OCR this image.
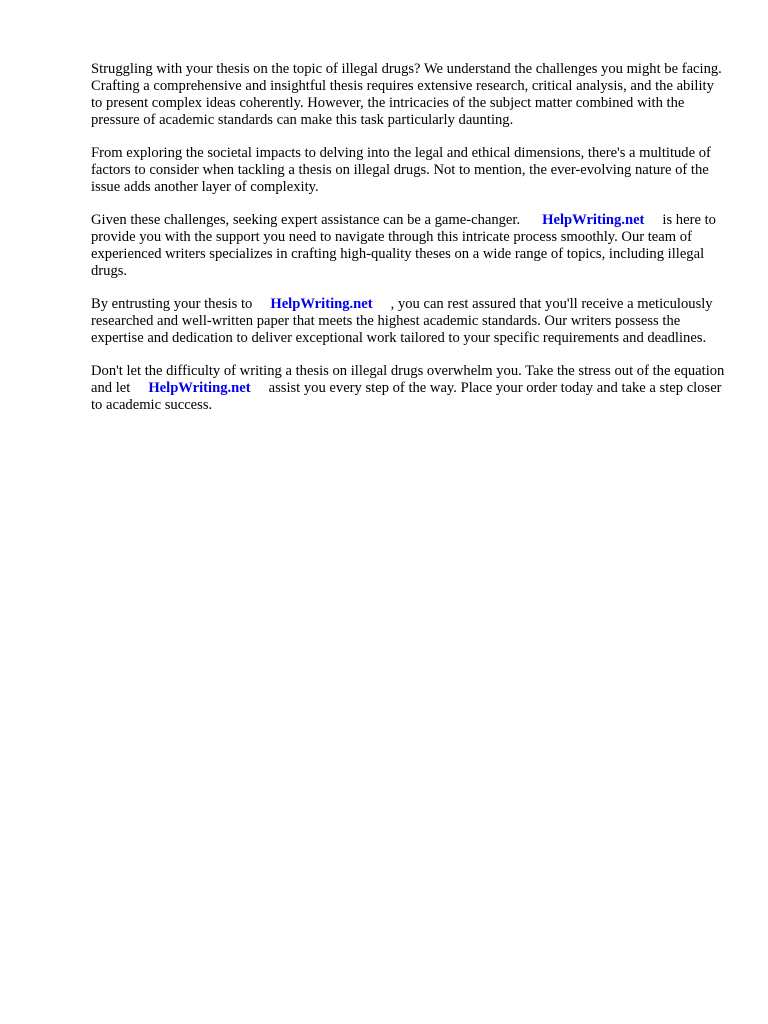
Struggling with your thesis on the topic of illegal drugs? We understand the challenges you might be facing. Crafting a comprehensive and insightful thesis requires extensive research, critical analysis, and the ability to present complex ideas coherently. However, the intricacies of the subject matter combined with the pressure of academic standards can make this task particularly daunting.

From exploring the societal impacts to delving into the legal and ethical dimensions, there's a multitude of factors to consider when tackling a thesis on illegal drugs. Not to mention, the ever-evolving nature of the issue adds another layer of complexity.

Given these challenges, seeking expert assistance can be a game-changer. HelpWriting.net is here to provide you with the support you need to navigate through this intricate process smoothly. Our team of experienced writers specializes in crafting high-quality theses on a wide range of topics, including illegal drugs.

By entrusting your thesis to HelpWriting.net , you can rest assured that you'll receive a meticulously researched and well-written paper that meets the highest academic standards. Our writers possess the expertise and dedication to deliver exceptional work tailored to your specific requirements and deadlines.

Don't let the difficulty of writing a thesis on illegal drugs overwhelm you. Take the stress out of the equation and let HelpWriting.net assist you every step of the way. Place your order today and take a step closer to academic success.
